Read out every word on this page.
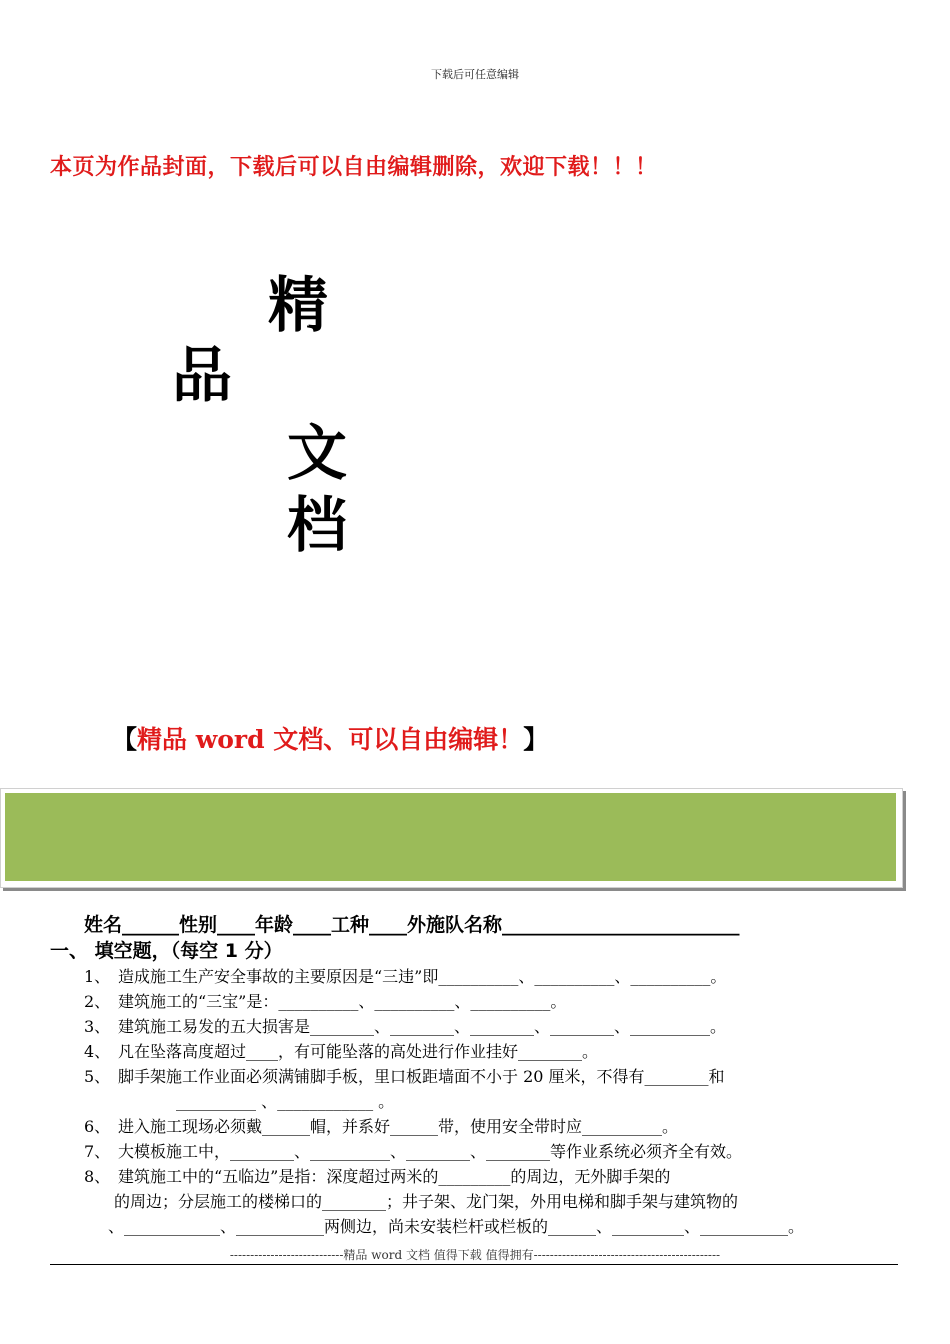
下载后可任意编辑
本页为作品封面，下载后可以自由编辑删除，欢迎下载！！！
精
品
文
档
【精品 word 文档、可以自由编辑！】
姓名______性别____年龄____工种____外施队名称_________________________
一、 填空题，（每空 1 分）
1、 造成施工生产安全事故的主要原因是“三违”即__________、__________、__________。
2、 建筑施工的“三宝”是：__________、__________、__________。
3、 建筑施工易发的五大损害是________、________、________、________、__________。
4、 凡在坠落高度超过____，有可能坠落的高处进行作业挂好________。
5、 脚手架施工作业面必须满铺脚手板，里口板距墙面不小于 20 厘米，不得有________和
__________ 、____________ 。
6、 进入施工现场必须戴______帽，并系好______带，使用安全带时应__________。
7、 大模板施工中，________、__________、________、________等作业系统必须齐全有效。
8、 建筑施工中的“五临边”是指：深度超过两米的_________的周边，无外脚手架的
的周边；分层施工的楼梯口的________；井子架、龙门架，外用电梯和脚手架与建筑物的
、____________、___________两侧边，尚未安装栏杆或栏板的______、_________、___________。
----------------------------精品 word 文档 值得下载 值得拥有----------------------------------------------
